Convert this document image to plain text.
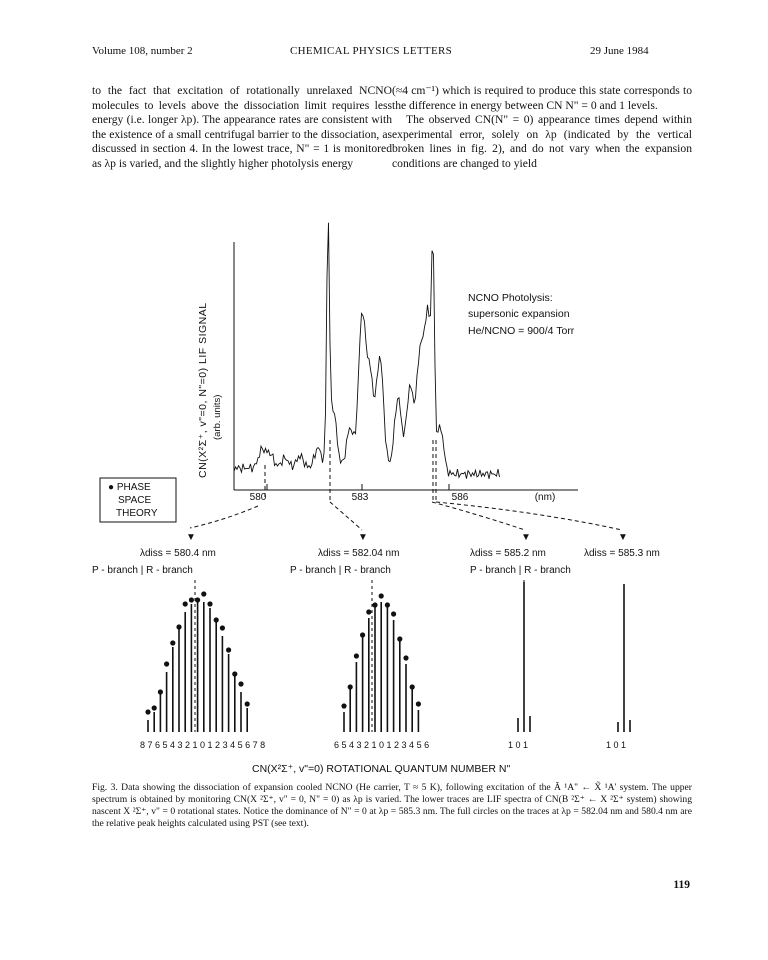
Volume 108, number 2	CHEMICAL PHYSICS LETTERS	29 June 1984

to the fact that excitation of rotationally unrelaxed NCNO molecules to levels above the dissociation limit requires less energy (i.e. longer λp). The appearance rates are consistent with the existence of a small centrifugal barrier to the dissociation, as discussed in section 4. In the lowest trace, N" = 1 is monitored as λp is varied, and the slightly higher photolysis energy

(≈4 cm⁻¹) which is required to produce this state corresponds to the difference in energy between CN N" = 0 and 1 levels.

The observed CN(N" = 0) appearance times depend within experimental error, solely on λp (indicated by the vertical broken lines in fig. 2), and do not vary when the expansion conditions are changed to yield

▼	▼	▼	▼
CN(X²Σ⁺, v"=0, N"=0) LIF SIGNAL (arb. units)
NCNO Photolysis:
supersonic expansion
He/NCNO = 900/4 Torr
580	583	586	(nm)
● PHASE
SPACE
THEORY
λdiss = 580.4 nm
P - branch | R - branch
λdiss = 582.04 nm
P - branch | R - branch
λdiss = 585.2 nm
P - branch | R - branch
λdiss = 585.3 nm
8 7 6 5 4 3 2 1 0 1 2 3 4 5 6 7 8	6 5 4 3 2 1 0 1 2 3 4 5 6	1 0 1	1 0 1
CN(X²Σ⁺, v"=0) ROTATIONAL QUANTUM NUMBER N"
Fig. 3. Data showing the dissociation of expansion cooled NCNO (He carrier, T ≈ 5 K), following excitation of the Ã ¹A" ← X̃ ¹A' system. The upper spectrum is obtained by monitoring CN(X ²Σ⁺, v" = 0, N" = 0) as λp is varied. The lower traces are LIF spectra of CN(B ²Σ⁺ ← X ²Σ⁺ system) showing nascent X ²Σ⁺, v" = 0 rotational states. Notice the dominance of N" = 0 at λp = 585.3 nm. The full circles on the traces at λp = 582.04 nm and 580.4 nm are the relative peak heights calculated using PST (see text).
119
